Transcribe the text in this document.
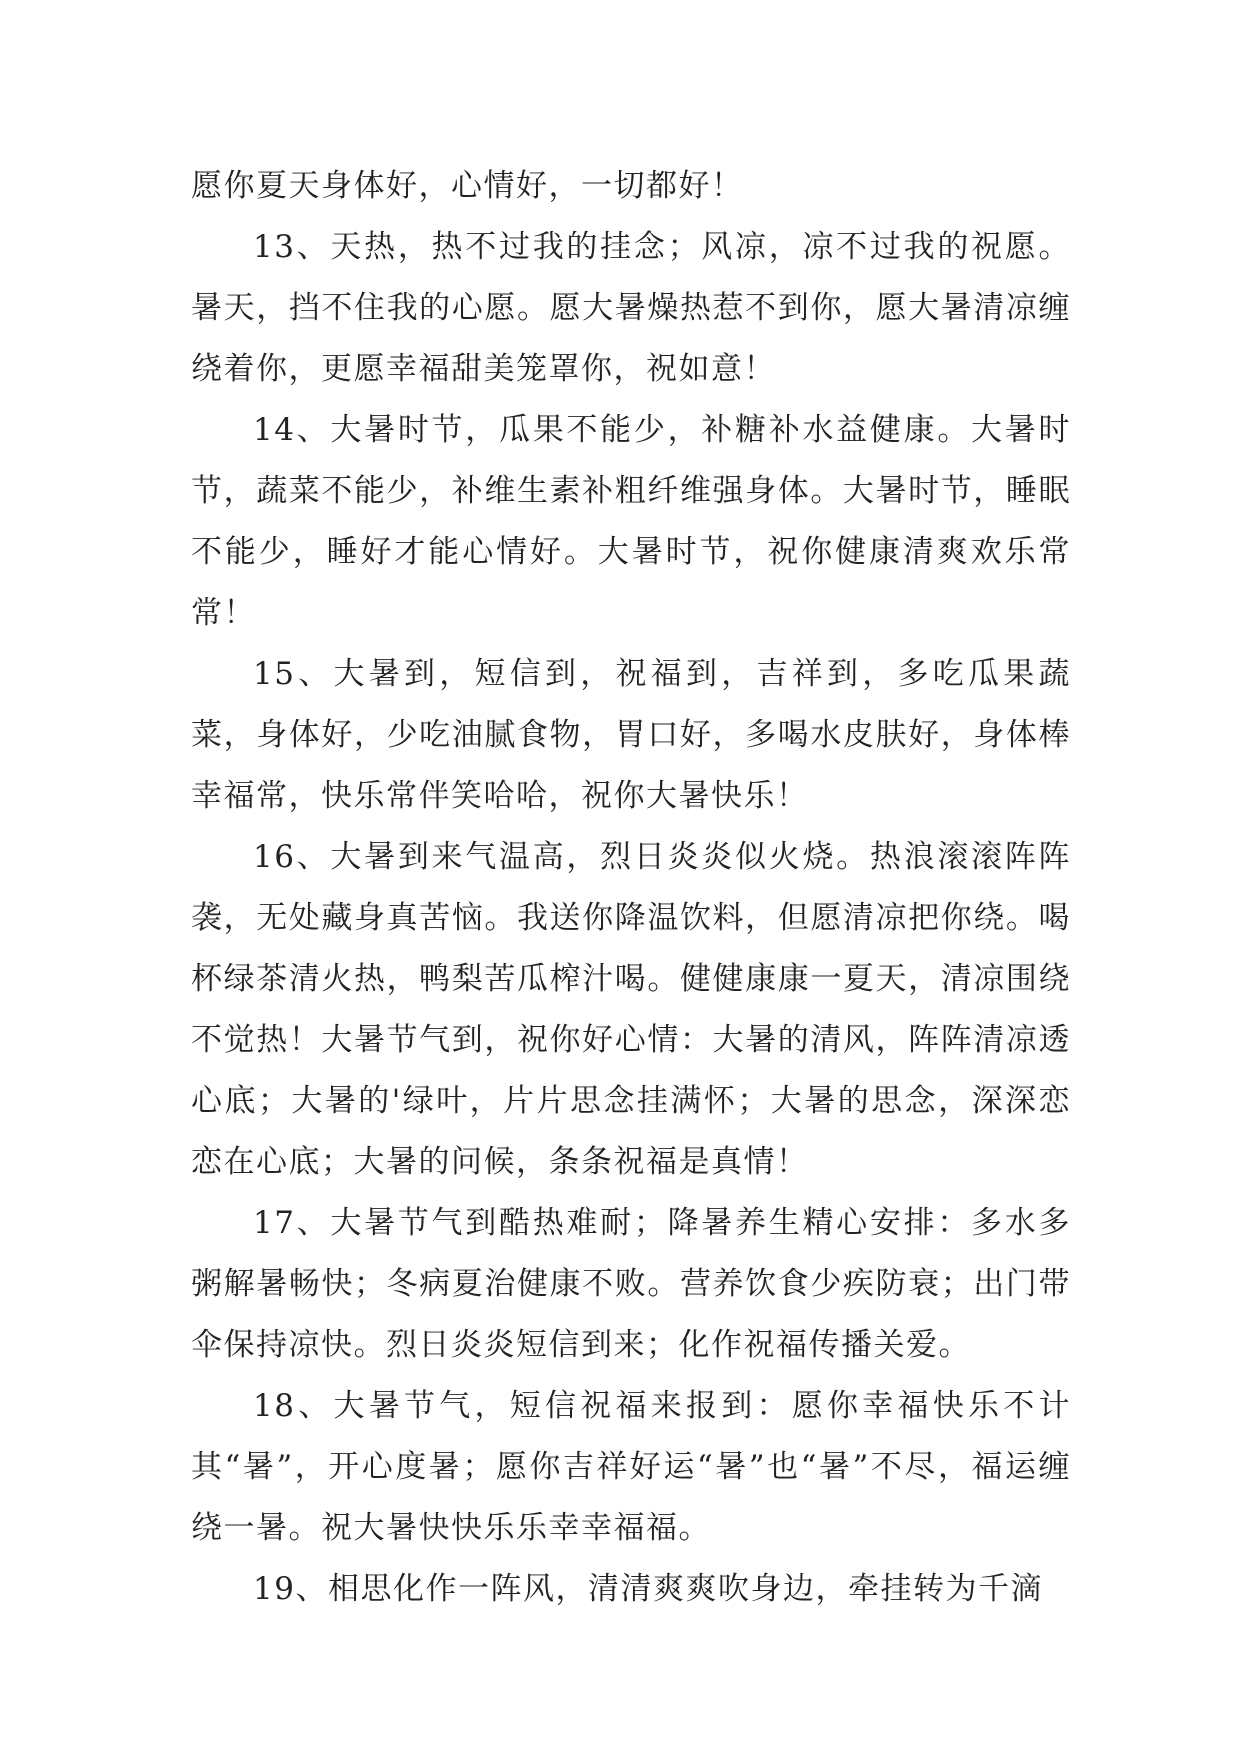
愿你夏天身体好，心情好，一切都好！

13、天热，热不过我的挂念；风凉，凉不过我的祝愿。暑天，挡不住我的心愿。愿大暑燥热惹不到你，愿大暑清凉缠绕着你，更愿幸福甜美笼罩你，祝如意！

14、大暑时节，瓜果不能少，补糖补水益健康。大暑时节，蔬菜不能少，补维生素补粗纤维强身体。大暑时节，睡眠不能少，睡好才能心情好。大暑时节，祝你健康清爽欢乐常常！

15、大暑到，短信到，祝福到，吉祥到，多吃瓜果蔬菜，身体好，少吃油腻食物，胃口好，多喝水皮肤好，身体棒幸福常，快乐常伴笑哈哈，祝你大暑快乐！

16、大暑到来气温高，烈日炎炎似火烧。热浪滚滚阵阵袭，无处藏身真苦恼。我送你降温饮料，但愿清凉把你绕。喝杯绿茶清火热，鸭梨苦瓜榨汁喝。健健康康一夏天，清凉围绕不觉热！大暑节气到，祝你好心情：大暑的清风，阵阵清凉透心底；大暑的'绿叶，片片思念挂满怀；大暑的思念，深深恋恋在心底；大暑的问候，条条祝福是真情！

17、大暑节气到酷热难耐；降暑养生精心安排：多水多粥解暑畅快；冬病夏治健康不败。营养饮食少疾防衰；出门带伞保持凉快。烈日炎炎短信到来；化作祝福传播关爱。

18、大暑节气，短信祝福来报到：愿你幸福快乐不计其“暑”，开心度暑；愿你吉祥好运“暑”也“暑”不尽，福运缠绕一暑。祝大暑快快乐乐幸幸福福。

19、相思化作一阵风，清清爽爽吹身边，牵挂转为千滴
